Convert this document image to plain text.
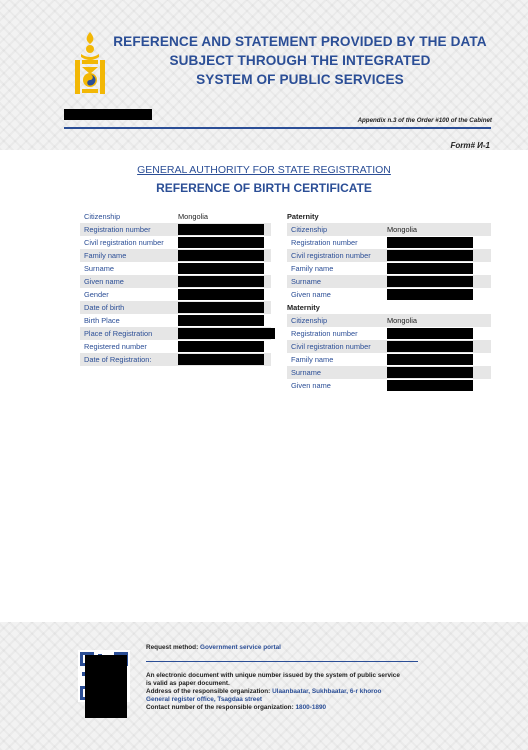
REFERENCE AND STATEMENT PROVIDED BY THE DATA
SUBJECT THROUGH THE INTEGRATED
SYSTEM OF PUBLIC SERVICES
Appendix n.3 of the Order #100 of the Cabinet
Form# И-1
GENERAL AUTHORITY FOR STATE REGISTRATION
REFERENCE OF BIRTH CERTIFICATE
Citizenship	Mongolia
Registration number
Civil registration number
Family name
Surname
Given name
Gender
Date of birth
Birth Place
Place of Registration
Registered number
Date of Registration:
Paternity
Citizenship	Mongolia
Registration number
Civil registration number
Family name
Surname
Given name
Maternity
Citizenship	Mongolia
Registration number
Civil registration number
Family name
Surname
Given name
Request method: Government service portal
An electronic document with unique number issued by the system of public service
is valid as paper document.
Address of the responsible organization: Ulaanbaatar, Sukhbaatar, 6-r khoroo
General register office, Tsagdaa street
Contact number of the responsible organization: 1800-1890
